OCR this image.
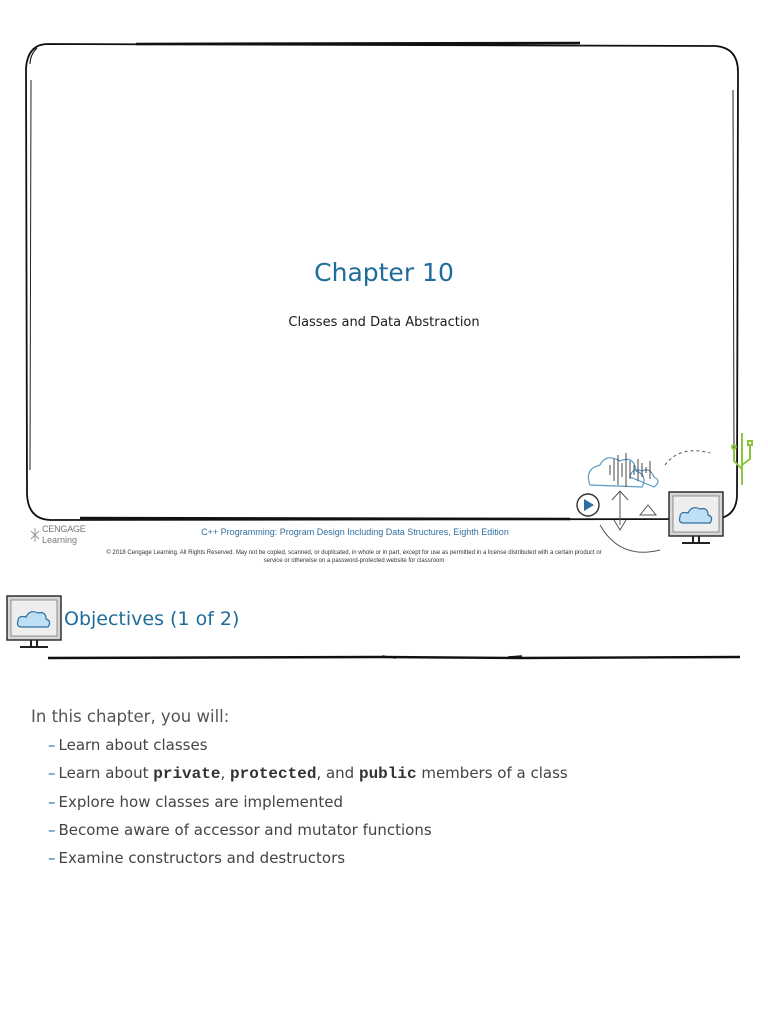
Chapter 10
Classes and Data Abstraction
CENGAGE
Learning
C++ Programming: Program Design Including Data Structures, Eighth Edition
© 2018 Cengage Learning. All Rights Reserved. May not be copied, scanned, or duplicated, in whole or in part, except for use as permitted in a license distributed with a certain product or service or otherwise on a password-protected website for classroom
Objectives (1 of 2)
In this chapter, you will:
– Learn about classes
– Learn about private, protected, and public members of a class
– Explore how classes are implemented
– Become aware of accessor and mutator functions
– Examine constructors and destructors
